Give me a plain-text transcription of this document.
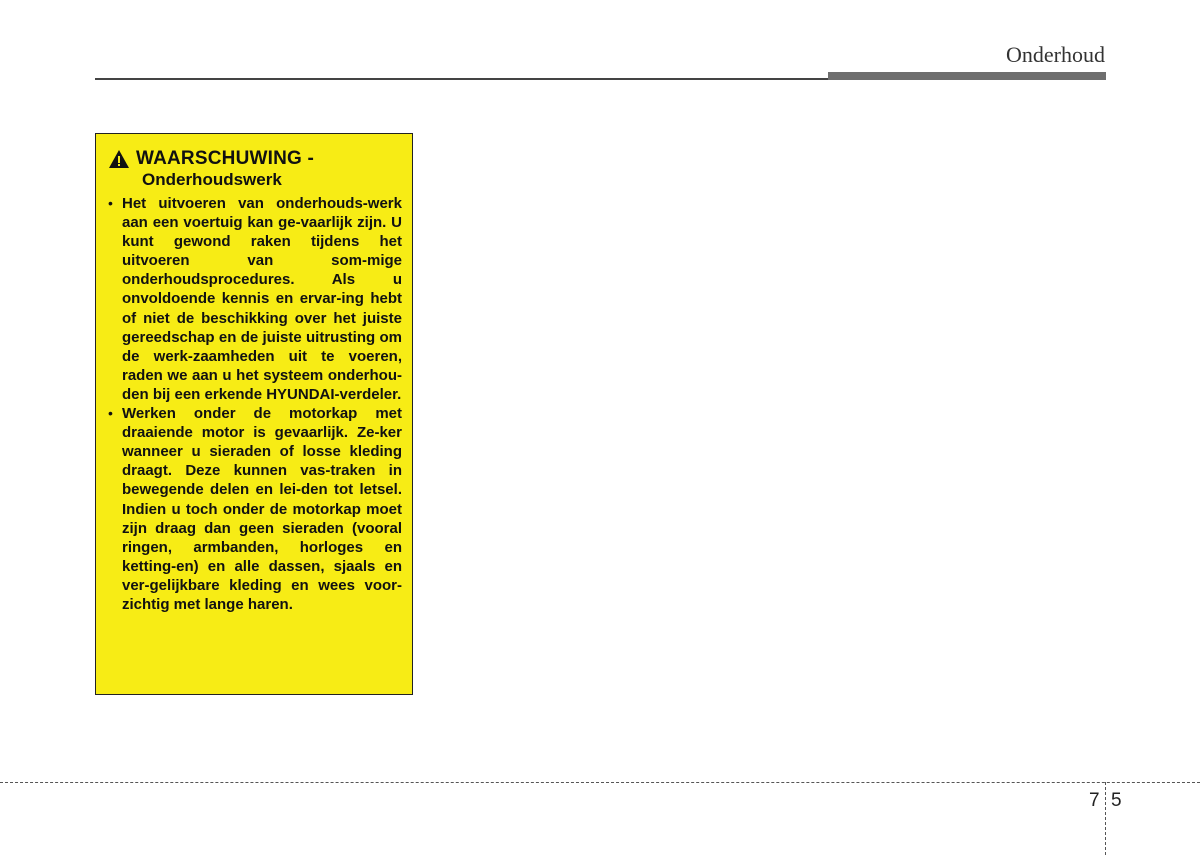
Onderhoud
WAARSCHUWING -
Onderhoudswerk
• Het uitvoeren van onderhouds-werk aan een voertuig kan ge-vaarlijk zijn. U kunt gewond raken tijdens het uitvoeren van som-mige onderhoudsprocedures. Als u onvoldoende kennis en ervar-ing hebt of niet de beschikking over het juiste gereedschap en de juiste uitrusting om de werk-zaamheden uit te voeren, raden we aan u het systeem onderhou-den bij een erkende HYUNDAI-verdeler.
• Werken onder de motorkap met draaiende motor is gevaarlijk. Ze-ker wanneer u sieraden of losse kleding draagt. Deze kunnen vas-traken in bewegende delen en lei-den tot letsel. Indien u toch onder de motorkap moet zijn draag dan geen sieraden (vooral ringen, armbanden, horloges en ketting-en) en alle dassen, sjaals en ver-gelijkbare kleding en wees voor-zichtig met lange haren.
7 5
